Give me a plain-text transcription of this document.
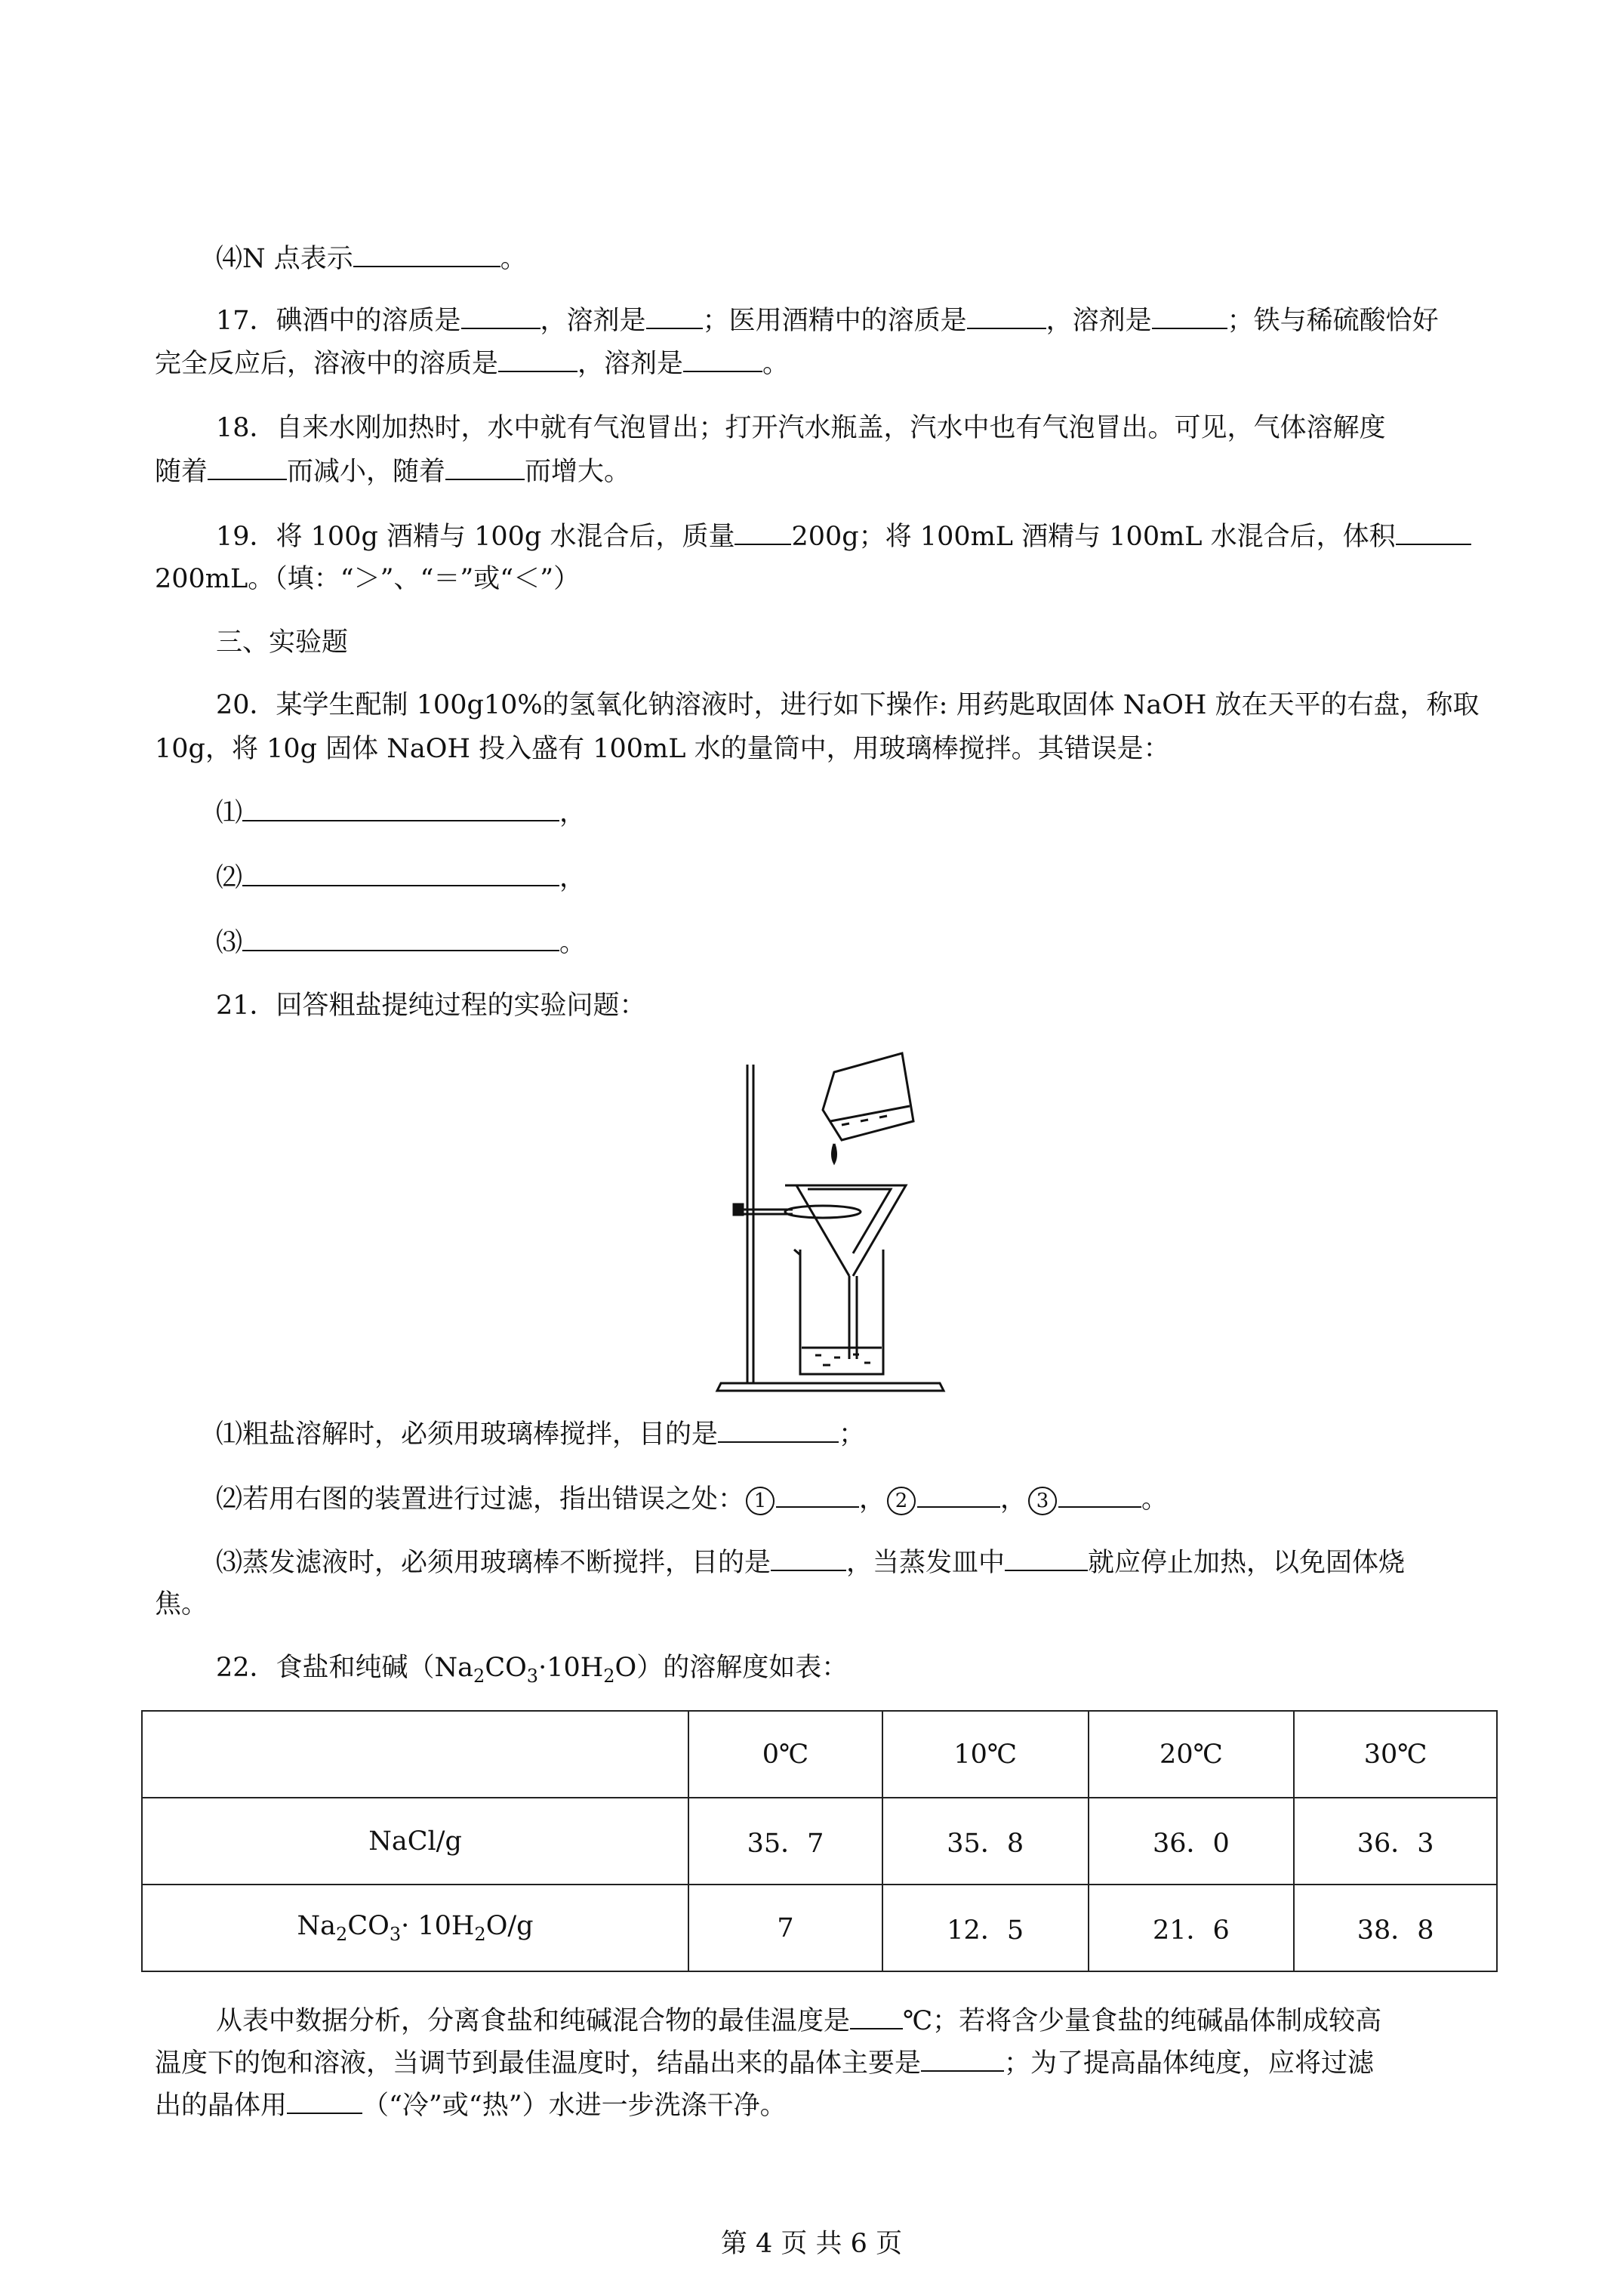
⑷N 点表示	。
17．碘酒中的溶质是	，溶剂是 ；医用酒精中的溶质是	，溶剂是	；铁与稀硫酸恰好
完全反应后，溶液中的溶质是	，溶剂是	。
18．自来水刚加热时，水中就有气泡冒出；打开汽水瓶盖，汽水中也有气泡冒出。可见，气体溶解度
随着	而减小，随着	而增大。
19．将 100g 酒精与 100g 水混合后，质量 200g；将 100mL 酒精与 100mL 水混合后，体积
200mL。（填：“＞”、“＝”或“＜”）
三、实验题
20．某学生配制 100g10%的氢氧化钠溶液时，进行如下操作: 用药匙取固体 NaOH 放在天平的右盘，称取
10g，将 10g 固体 NaOH 投入盛有 100mL 水的量筒中，用玻璃棒搅拌。其错误是：
⑴	，
⑵	，
⑶	。
21．回答粗盐提纯过程的实验问题：
⑴粗盐溶解时，必须用玻璃棒搅拌，目的是	；
⑵若用右图的装置进行过滤，指出错误之处： 1	， 2	， 3	。
⑶蒸发滤液时，必须用玻璃棒不断搅拌，目的是	，当蒸发皿中	就应停止加热，以免固体烧
焦。
22．食盐和纯碱$(Na_2CO_3\cdot 10H_2O)$的溶解度如表：
	0℃	10℃	20℃	30℃
NaCl/g	35．7	35．8	36．0	36．3
$Na_2CO_3\cdot 10H_2O/g$	7	12．5	21．6	38．8
从表中数据分析，分离食盐和纯碱混合物的最佳温度是 ℃；若将含少量食盐的纯碱晶体制成较高
温度下的饱和溶液，当调节到最佳温度时，结晶出来的晶体主要是	；为了提高晶体纯度，应将过滤
出的晶体用	（“冷”或“热”）水进一步洗涤干净。
第 4 页 共 6 页
